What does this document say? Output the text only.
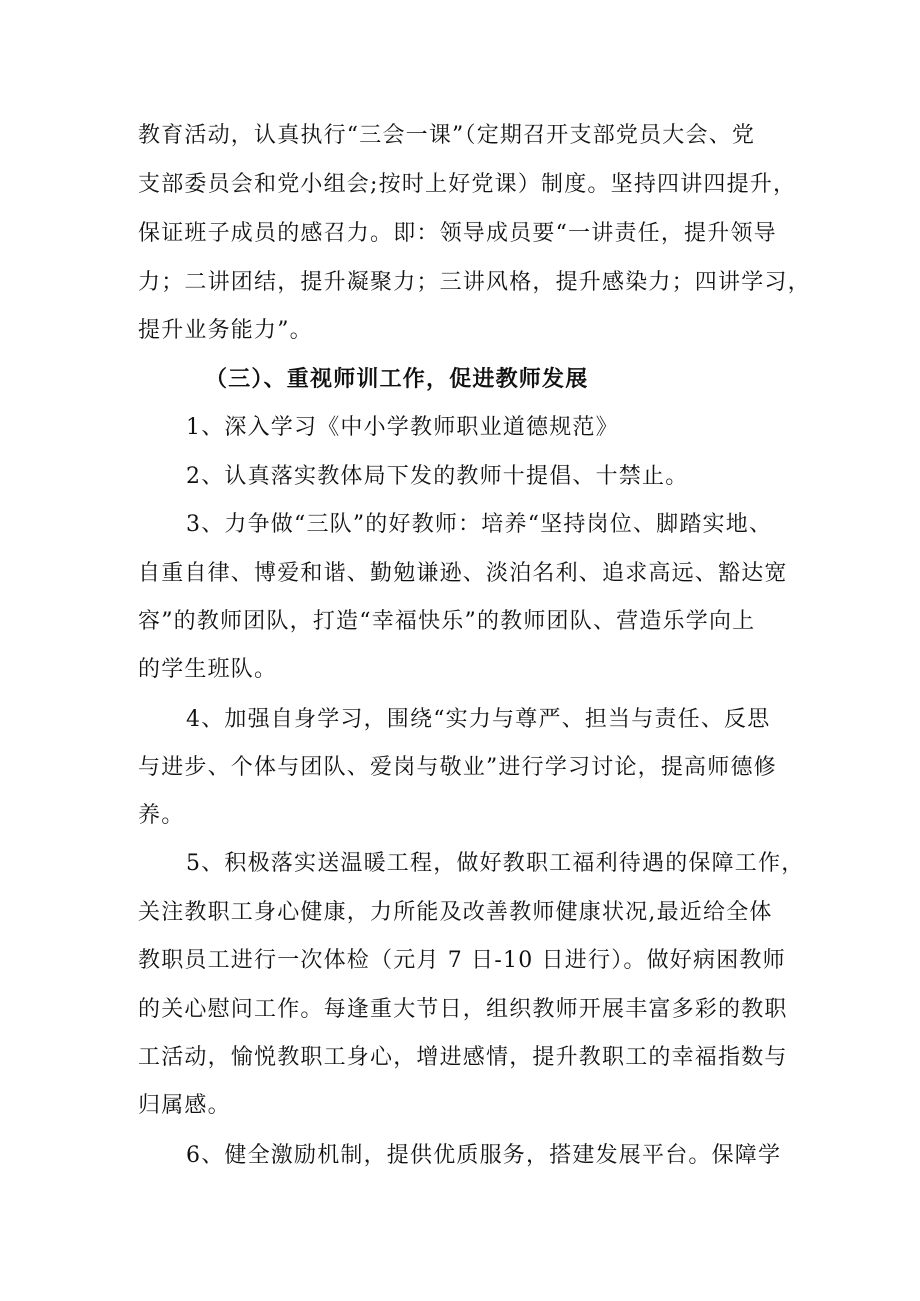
教育活动，认真执行“三会一课”（定期召开支部党员大会、党
支部委员会和党小组会;按时上好党课）制度。坚持四讲四提升，
保证班子成员的感召力。即：领导成员要“一讲责任，提升领导
力；二讲团结，提升凝聚力；三讲风格，提升感染力；四讲学习，
提升业务能力”。
（三）、重视师训工作，促进教师发展
1、深入学习《中小学教师职业道德规范》
2、认真落实教体局下发的教师十提倡、十禁止。
3、力争做“三队”的好教师：培养“坚持岗位、脚踏实地、
自重自律、博爱和谐、勤勉谦逊、淡泊名利、追求高远、豁达宽
容”的教师团队，打造“幸福快乐”的教师团队、营造乐学向上
的学生班队。
4、加强自身学习，围绕“实力与尊严、担当与责任、反思
与进步、个体与团队、爱岗与敬业”进行学习讨论，提高师德修
养。
5、积极落实送温暖工程，做好教职工福利待遇的保障工作，
关注教职工身心健康，力所能及改善教师健康状况,最近给全体
教职员工进行一次体检（元月 7 日-10 日进行）。做好病困教师
的关心慰问工作。每逢重大节日，组织教师开展丰富多彩的教职
工活动，愉悦教职工身心，增进感情，提升教职工的幸福指数与
归属感。
6、健全激励机制，提供优质服务，搭建发展平台。保障学
